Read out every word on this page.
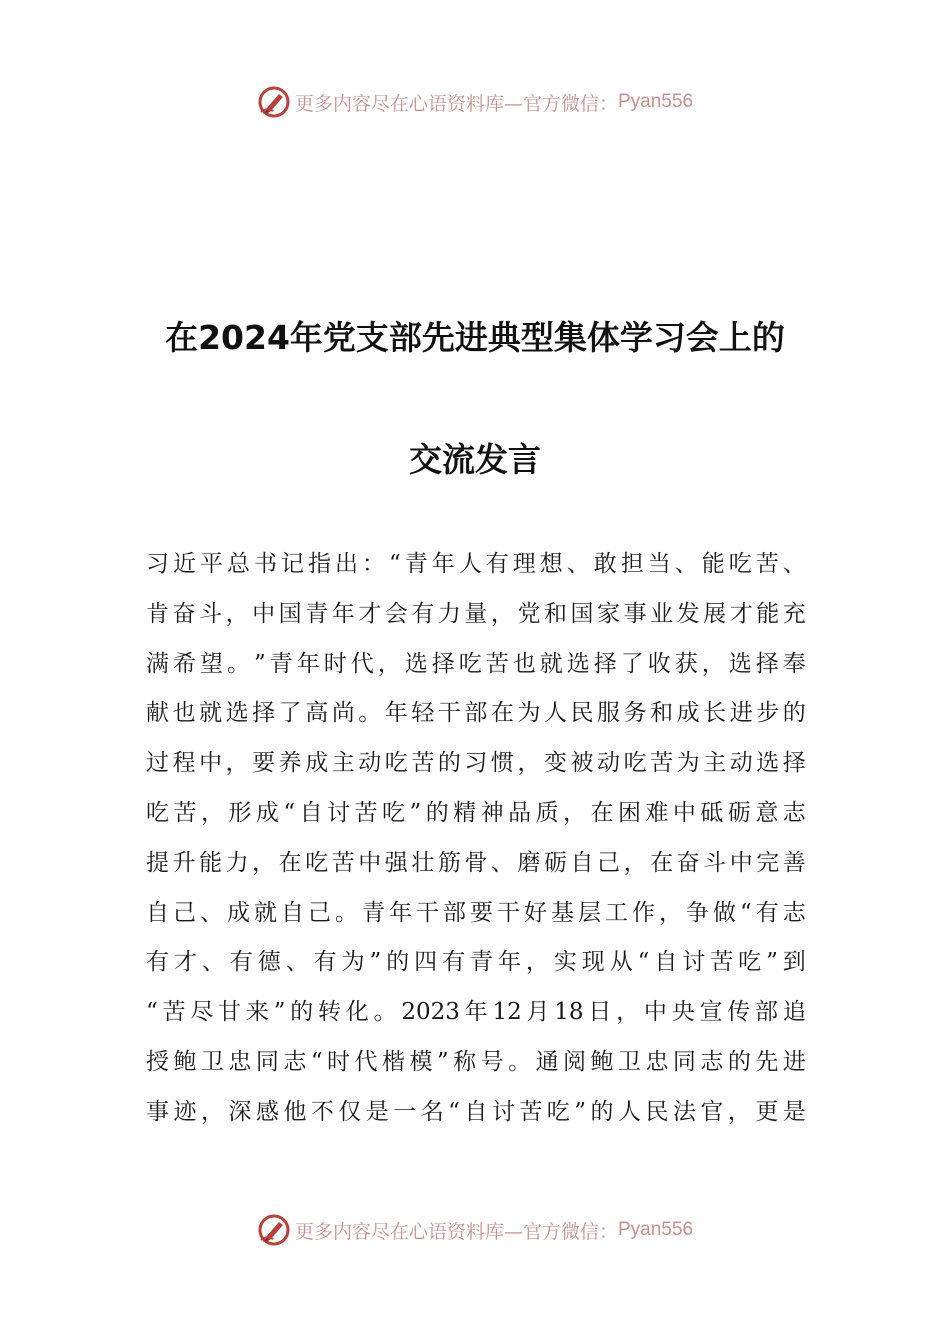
更多内容尽在心语资料库—官方微信： Pyan556
在2024年党支部先进典型集体学习会上的
交流发言
习 近 平 总 书 记 指 出 ： “ 青 年 人 有 理 想 、 敢 担 当 、 能 吃 苦 、
肯 奋 斗 ， 中 国 青 年 才 会 有 力 量 ， 党 和 国 家 事 业 发 展 才 能 充
满 希 望 。 ” 青 年 时 代 ， 选 择 吃 苦 也 就 选 择 了 收 获 ， 选 择 奉
献 也 就 选 择 了 高 尚 。 年 轻 干 部 在 为 人 民 服 务 和 成 长 进 步 的
过 程 中 ， 要 养 成 主 动 吃 苦 的 习 惯 ， 变 被 动 吃 苦 为 主 动 选 择
吃 苦 ， 形 成 “ 自 讨 苦 吃 ” 的 精 神 品 质 ， 在 困 难 中 砥 砺 意 志
提 升 能 力 ， 在 吃 苦 中 强 壮 筋 骨 、 磨 砺 自 己 ， 在 奋 斗 中 完 善
自 己 、 成 就 自 己 。 青 年 干 部 要 干 好 基 层 工 作 ， 争 做 “ 有 志
有 才 、 有 德 、 有 为 ” 的 四 有 青 年 ， 实 现 从 “ 自 讨 苦 吃 ” 到
“ 苦 尽 甘 来 ” 的 转 化 。 2023 年 12 月 18 日 ， 中 央 宣 传 部 追
授 鲍 卫 忠 同 志 “ 时 代 楷 模 ” 称 号 。 通 阅 鲍 卫 忠 同 志 的 先 进
事 迹 ， 深 感 他 不 仅 是 一 名 “ 自 讨 苦 吃 ” 的 人 民 法 官 ， 更 是
更多内容尽在心语资料库—官方微信： Pyan556
